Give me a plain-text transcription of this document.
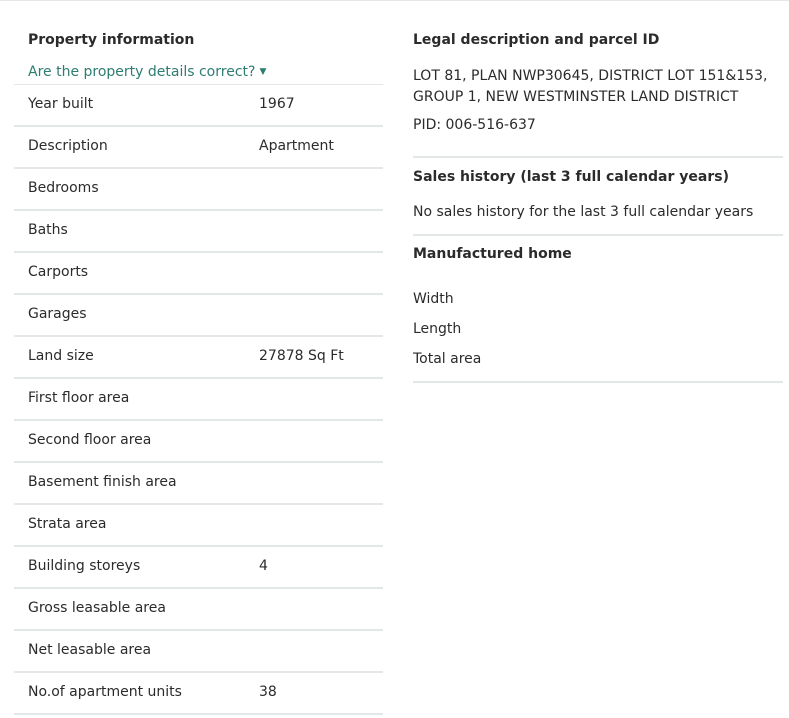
Property information
Are the property details correct? ▼
Year built	1967
Description	Apartment
Bedrooms
Baths
Carports
Garages
Land size	27878 Sq Ft
First floor area
Second floor area
Basement finish area
Strata area
Building storeys	4
Gross leasable area
Net leasable area
No.of apartment units	38
Legal description and parcel ID
LOT 81, PLAN NWP30645, DISTRICT LOT 151&153,
GROUP 1, NEW WESTMINSTER LAND DISTRICT
PID: 006-516-637
Sales history (last 3 full calendar years)
No sales history for the last 3 full calendar years
Manufactured home
Width
Length
Total area
